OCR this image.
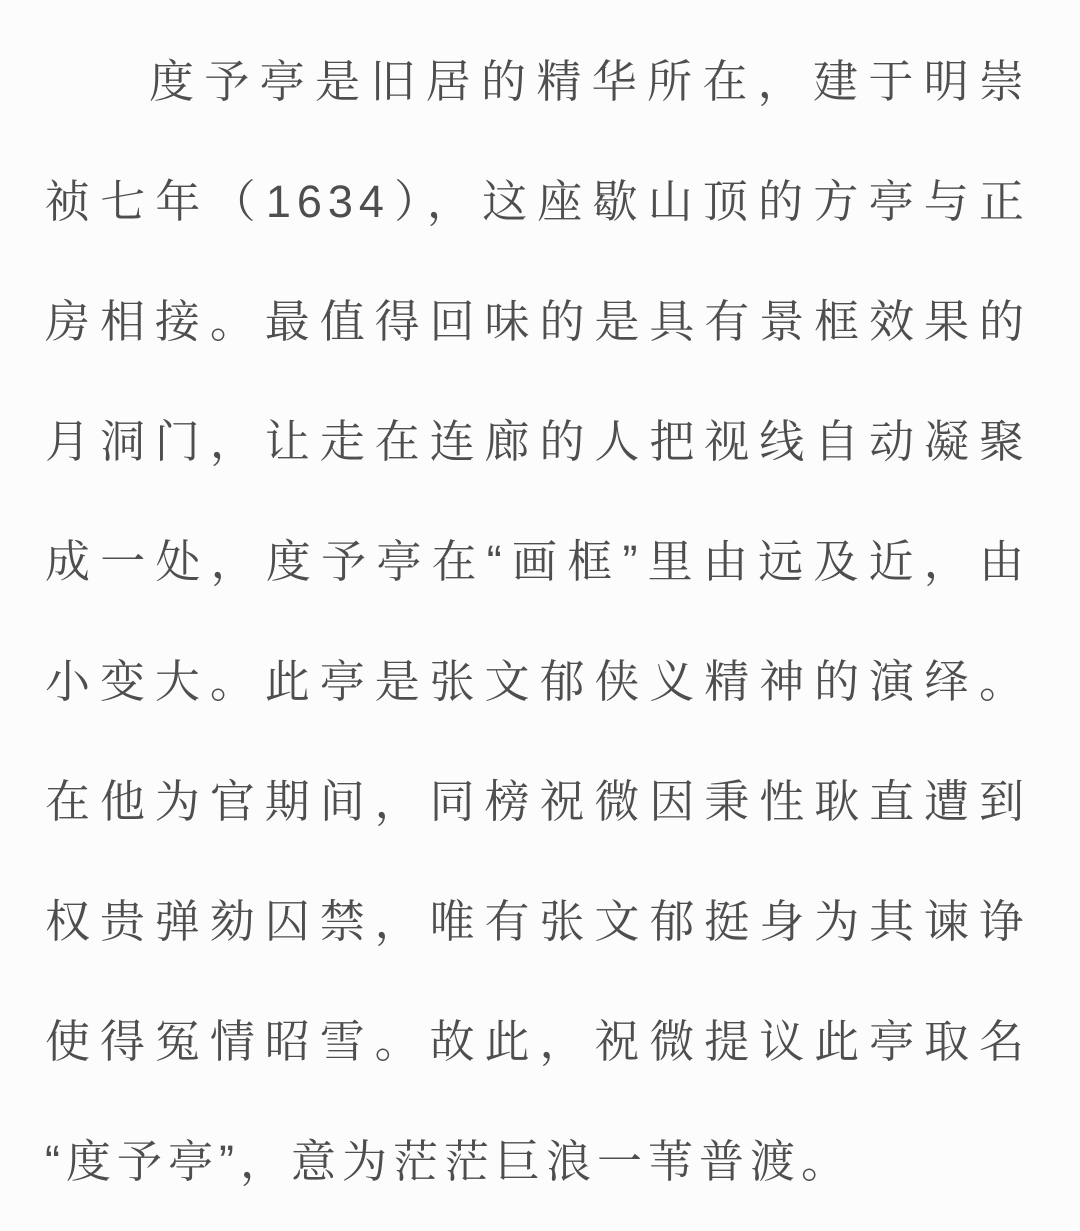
度予亭是旧居的精华所在，建于明崇

祯七年（1634），这座歇山顶的方亭与正

房相接。最值得回味的是具有景框效果的

月洞门，让走在连廊的人把视线自动凝聚

成一处，度予亭在“画框”里由远及近，由

小变大。此亭是张文郁侠义精神的演绎。

在他为官期间，同榜祝微因秉性耿直遭到

权贵弹劾囚禁，唯有张文郁挺身为其谏诤

使得冤情昭雪。故此，祝微提议此亭取名

“度予亭”，意为茫茫巨浪一苇普渡。
